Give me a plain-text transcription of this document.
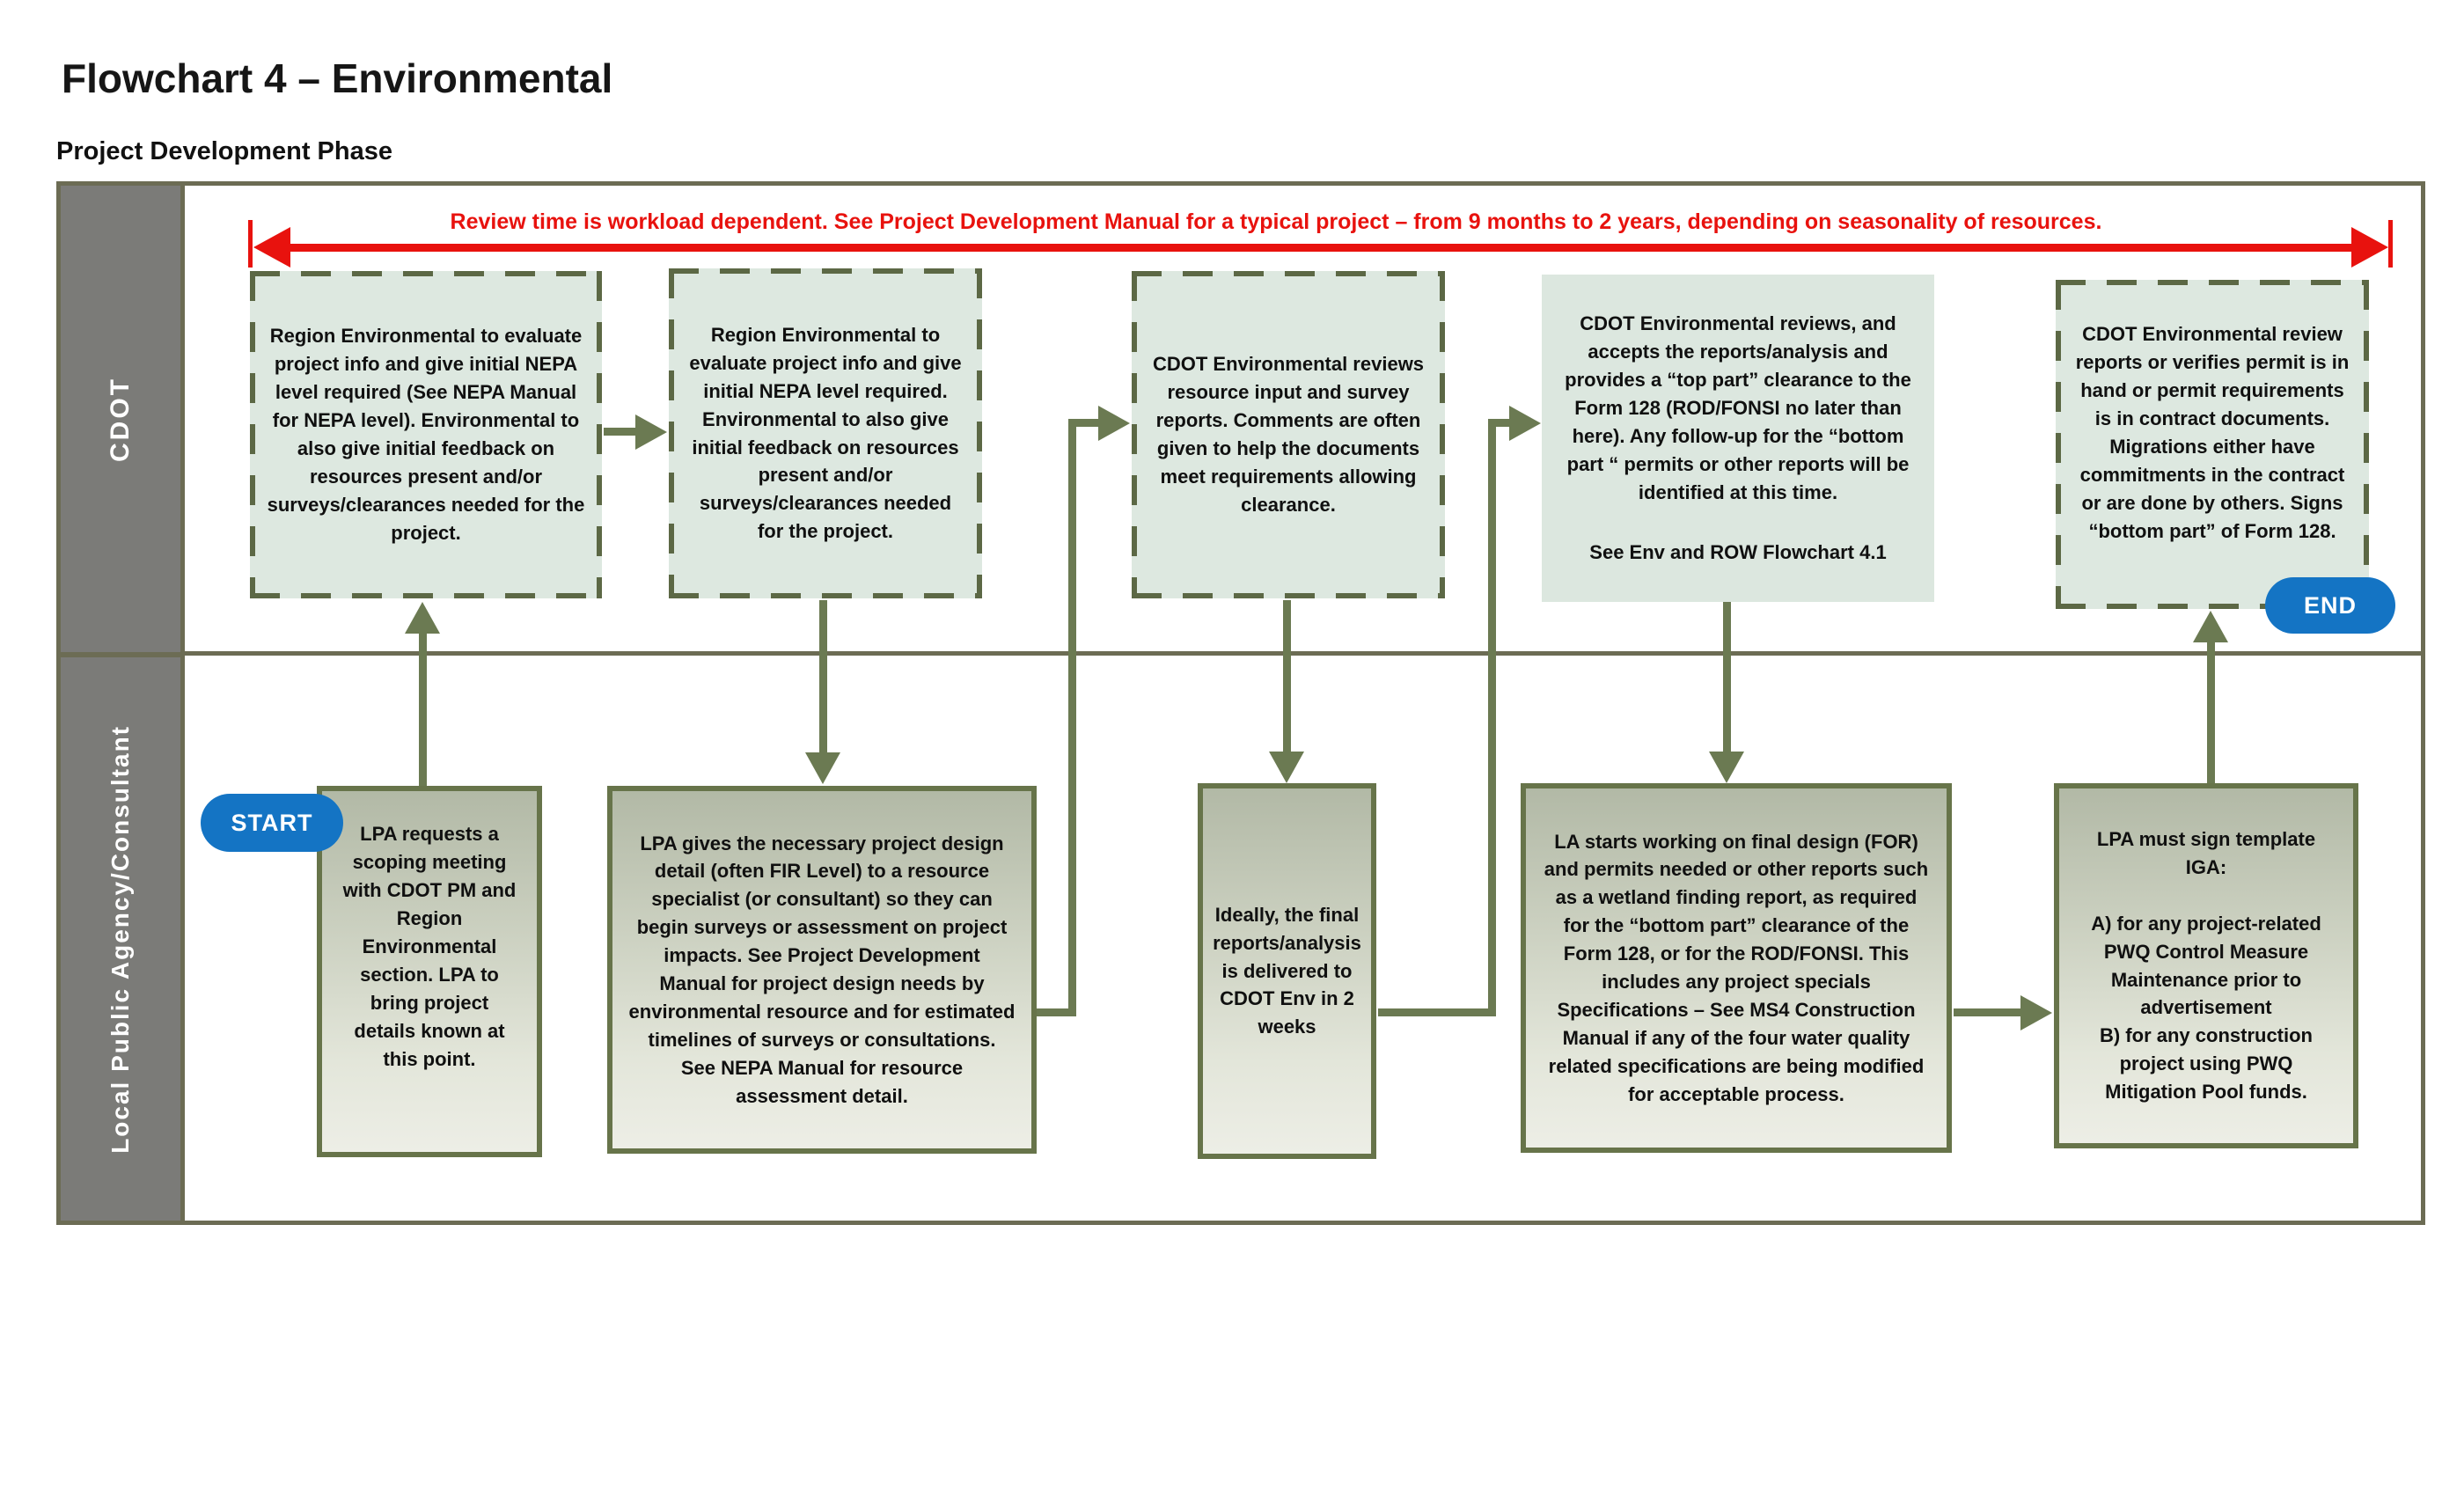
Flowchart 4 – Environmental
Project Development Phase
CDOT
Local Public Agency/Consultant
Review time is workload dependent. See Project Development Manual for a typical project – from 9 months to 2 years, depending on seasonality of resources.
Region Environmental to evaluate project info and give initial NEPA level required (See NEPA Manual for NEPA level). Environmental to also give initial feedback on resources present and/or surveys/clearances needed for the project.
Region Environmental to evaluate project info and give initial NEPA level required. Environmental to also give initial feedback on resources present and/or surveys/clearances needed for the project.
CDOT Environmental reviews resource input and survey reports. Comments are often given to help the documents meet requirements allowing clearance.
CDOT Environmental reviews, and accepts the reports/analysis and provides a “top part” clearance to the Form 128 (ROD/FONSI no later than here). Any follow-up for the “bottom part “ permits or other reports will be identified at this time.
See Env and ROW Flowchart 4.1
CDOT Environmental review reports or verifies permit is in hand or permit requirements is in contract documents. Migrations either have commitments in the contract or are done by others. Signs “bottom part” of Form 128.
END
LPA requests a scoping meeting with CDOT PM and Region Environmental section. LPA to bring project details known at this point.
START
LPA gives the necessary project design detail (often FIR Level) to a resource specialist (or consultant) so they can begin surveys or assessment on project impacts. See Project Development Manual for project design needs by environmental resource and for estimated timelines of surveys or consultations. See NEPA Manual for resource assessment detail.
Ideally, the final reports/analysis is delivered to CDOT Env in 2 weeks
LA starts working on final design (FOR) and permits needed or other reports such as a wetland finding report, as required for the “bottom part” clearance of the Form 128, or for the ROD/FONSI. This includes any project specials Specifications – See MS4 Construction Manual if any of the four water quality related specifications are being modified for acceptable process.
LPA must sign template IGA:
A) for any project-related PWQ Control Measure Maintenance prior to advertisement
B) for any construction project using PWQ Mitigation Pool funds.
